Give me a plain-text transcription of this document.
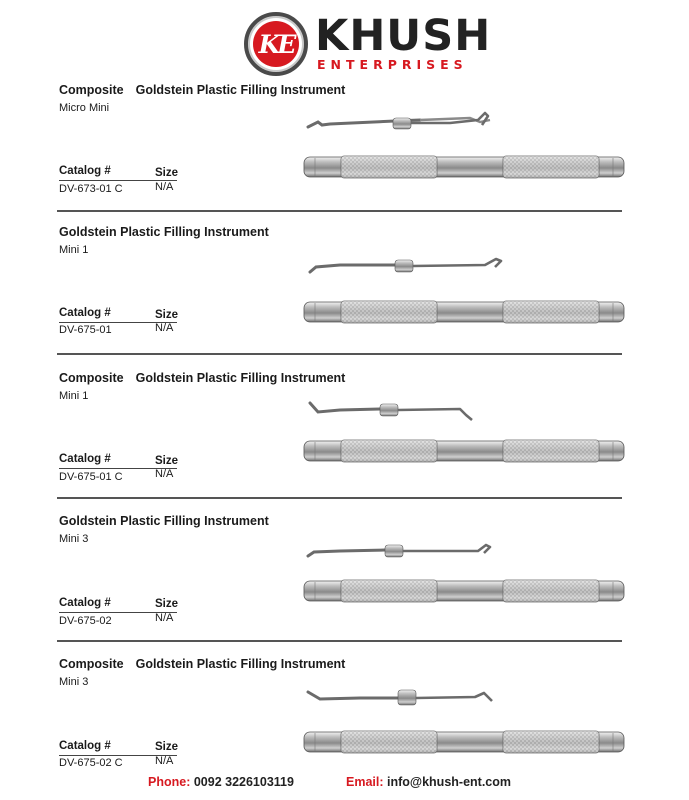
KE KHUSH
ENTERPRISES
Composite Goldstein Plastic Filling Instrument
Micro Mini
Catalog #	Size
DV-673-01 C	N/A
Goldstein Plastic Filling Instrument
Mini 1
Catalog #	Size
DV-675-01	N/A
Composite Goldstein Plastic Filling Instrument
Mini 1
Catalog #	Size
DV-675-01 C	N/A
Goldstein Plastic Filling Instrument
Mini 3
Catalog #	Size
DV-675-02	N/A
Composite Goldstein Plastic Filling Instrument
Mini 3
Catalog #	Size
DV-675-02 C	N/A
Phone: 0092 3226103119	Email: info@khush-ent.com
